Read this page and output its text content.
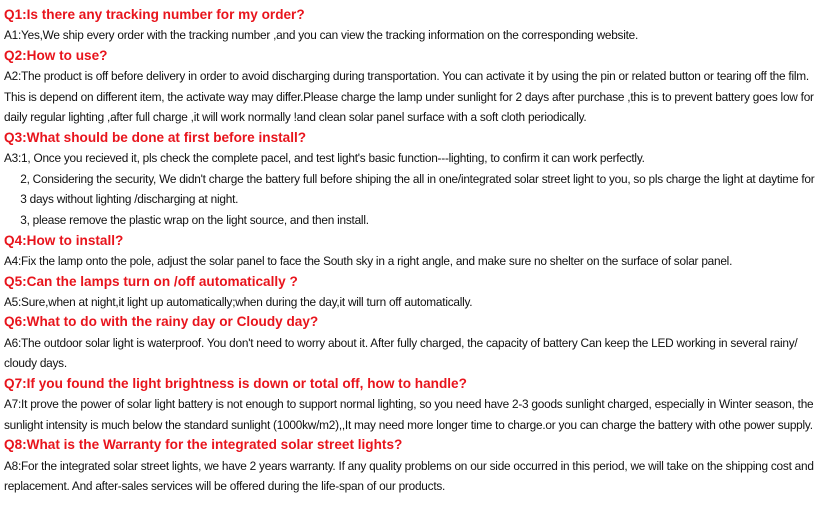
Q1:Is there any tracking number for my order?

A1:Yes,We ship every order with the tracking number ,and you can view the tracking information on the corresponding website.

Q2:How to use?

A2:The product is off before delivery in order to avoid discharging during transportation. You can activate it by using the pin or related button or tearing off the film. This is depend on different item, the activate way may differ.Please charge the lamp under sunlight for 2 days after purchase ,this is to prevent battery goes low for daily regular lighting ,after full charge ,it will work normally !and clean solar panel surface with a soft cloth periodically.

Q3:What should be done at first before install?

A3:1, Once you recieved it, pls check the complete pacel, and test light's basic function---lighting, to confirm it can work perfectly.

2, Considering the security, We didn't charge the battery full before shiping the all in one/integrated solar street light to you, so pls charge the light at daytime for 3 days without lighting /discharging at night.

3, please remove the plastic wrap on the light source, and then install.

Q4:How to install?

A4:Fix the lamp onto the pole, adjust the solar panel to face the South sky in a right angle, and make sure no shelter on the surface of solar panel.

Q5:Can the lamps turn on /off automatically ?

A5:Sure,when at night,it light up automatically;when during the day,it will turn off automatically.

Q6:What to do with the rainy day or Cloudy day?

A6:The outdoor solar light is waterproof. You don't need to worry about it. After fully charged, the capacity of battery Can keep the LED working in several rainy/ cloudy days.

Q7:If you found the light brightness is down or total off, how to handle?

A7:It prove the power of solar light battery is not enough to support normal lighting, so you need have 2-3 goods sunlight charged, especially in Winter season, the sunlight intensity is much below the standard sunlight (1000kw/m2),,It may need more longer time to charge.or you can charge the battery with othe power supply.

Q8:What is the Warranty for the integrated solar street lights?

A8:For the integrated solar street lights, we have 2 years warranty. If any quality problems on our side occurred in this period, we will take on the shipping cost and replacement. And after-sales services will be offered during the life-span of our products.
